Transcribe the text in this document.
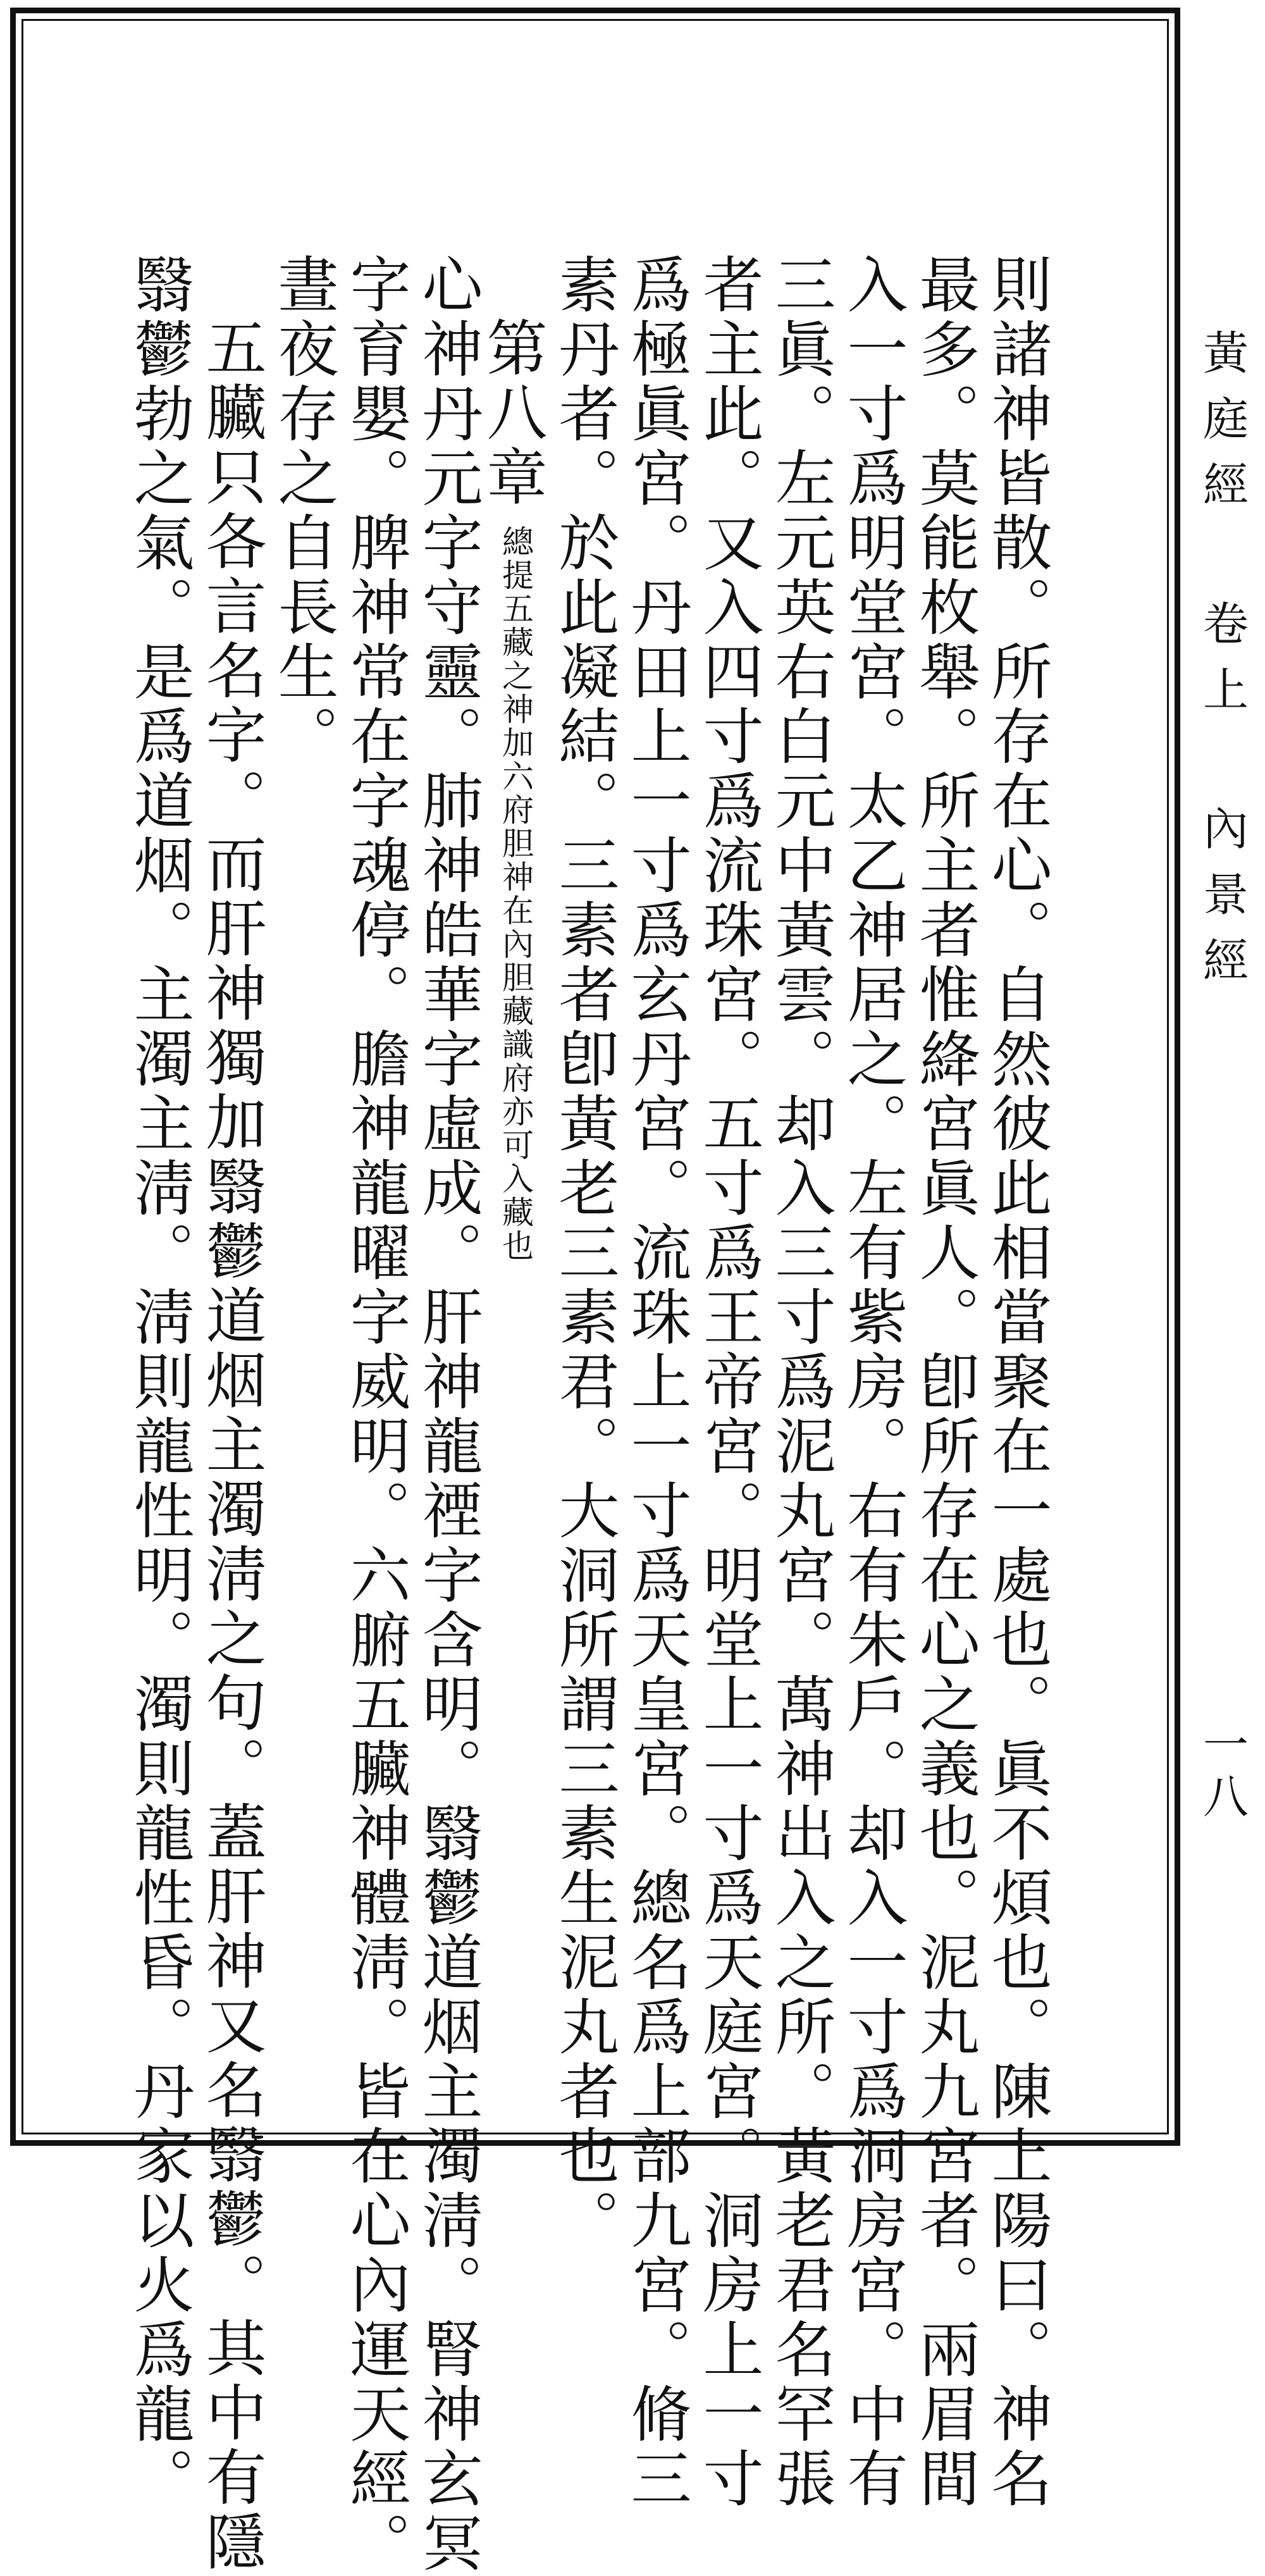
黃庭經 卷上 內景經
一八
則諸神皆散。所存在心。自然彼此相當聚在一處也。眞不煩也。陳上陽曰。神名
最多。莫能枚舉。所主者惟絳宮眞人。卽所存在心之義也。泥丸九宮者。兩眉間
入一寸爲明堂宮。太乙神居之。左有紫房。右有朱戶。却入一寸爲洞房宮。中有
三眞。左元英右白元中黃雲。却入三寸爲泥丸宮。萬神出入之所。黃老君名罕張
者主此。又入四寸爲流珠宮。五寸爲王帝宮。明堂上一寸爲天庭宮。洞房上一寸
爲極眞宮。丹田上一寸爲玄丹宮。流珠上一寸爲天皇宮。總名爲上部九宮。脩三
素丹者。於此凝結。三素者卽黃老三素君。大洞所謂三素生泥丸者也。
第八章
總提五藏之神加六府胆神在內胆藏識府亦可入藏也
心神丹元字守靈。肺神皓華字虛成。肝神龍禋字含明。翳鬱道烟主濁淸。腎神玄冥
字育嬰。脾神常在字魂停。膽神龍曜字威明。六腑五臟神體淸。皆在心內運天經。
晝夜存之自長生。
五臟只各言名字。而肝神獨加翳鬱道烟主濁淸之句。蓋肝神又名翳鬱。其中有隱
翳鬱勃之氣。是爲道烟。主濁主淸。淸則龍性明。濁則龍性昏。丹家以火爲龍。
